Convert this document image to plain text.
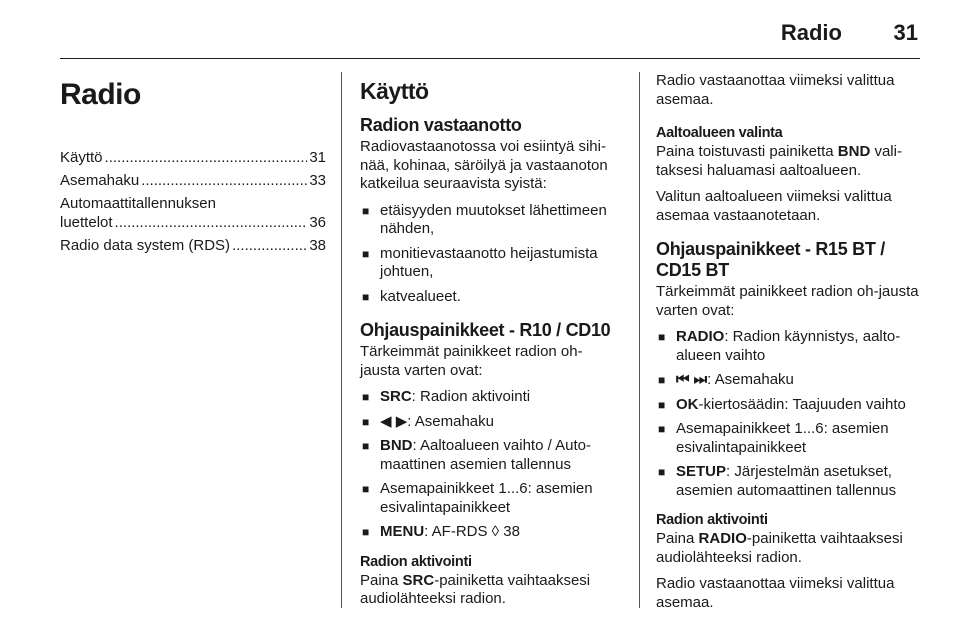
Radio 31
Radio
Käyttö .....	31
Asemahaku .....	33
Automaattitallennuksen
luettelot .....	36
Radio data system (RDS) .....	38
Käyttö
Radion vastaanotto

Radiovastaanotossa voi esiintyä sihi-nää, kohinaa, säröilyä ja vastaanoton katkeilua seuraavista syistä:

■ etäisyyden muutokset lähettimeen nähden,
■ monitievastaanotto heijastumista johtuen,
■ katvealueet.
Ohjauspainikkeet - R10 / CD10

Tärkeimmät painikkeet radion oh-jausta varten ovat:

■ SRC: Radion aktivointi
■ ◀ ▶: Asemahaku
■ BND: Aaltoalueen vaihto / Auto-maattinen asemien tallennus
■ Asemapainikkeet 1...6: asemien esivalintapainikkeet
■ MENU: AF-RDS ◊ 38
Radion aktivointi

Paina SRC-painiketta vaihtaaksesi audiolähteeksi radion.

Radio vastaanottaa viimeksi valittua asemaa.

Aaltoalueen valinta

Paina toistuvasti painiketta BND vali-taksesi haluamasi aaltoalueen.

Valitun aaltoalueen viimeksi valittua asemaa vastaanotetaan.

Ohjauspainikkeet - R15 BT / CD15 BT

Tärkeimmät painikkeet radion oh-jausta varten ovat:

■ RADIO: Radion käynnistys, aalto-alueen vaihto
■ ⏮ ⏭: Asemahaku
■ OK-kiertosäädin: Taajuuden vaihto
■ Asemapainikkeet 1...6: asemien esivalintapainikkeet
■ SETUP: Järjestelmän asetukset, asemien automaattinen tallennus
Radion aktivointi

Paina RADIO-painiketta vaihtaaksesi audiolähteeksi radion.

Radio vastaanottaa viimeksi valittua asemaa.
